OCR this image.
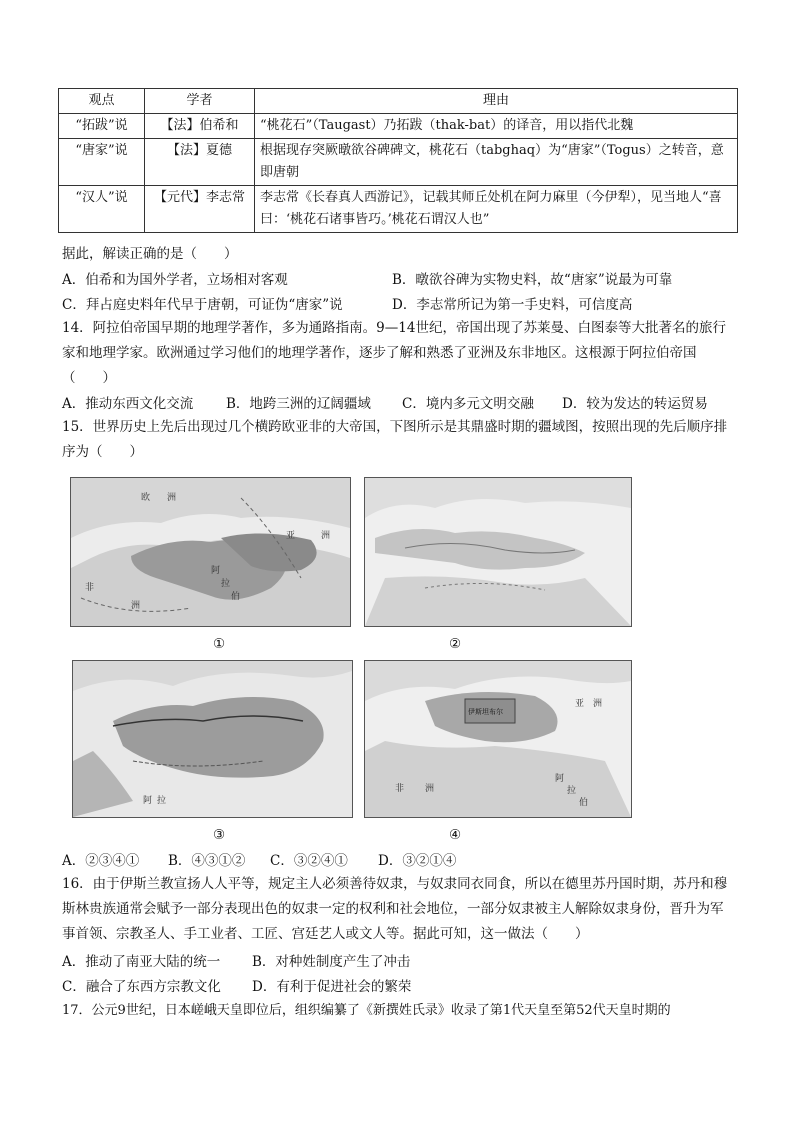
观点	学者	理由
“拓跋”说	【法】伯希和	“桃花石”（Taugast）乃拓跋（thak-bat）的译音，用以指代北魏
“唐家”说	【法】夏德	根据现存突厥暾欲谷碑碑文，桃花石（tabghaq）为“唐家”（Togus）之转音，意即唐朝
“汉人”说	【元代】李志常	李志常《长春真人西游记》，记载其师丘处机在阿力麻里（今伊犁），见当地人“喜曰：‘桃花石诸事皆巧。’桃花石谓汉人也”
据此，解读正确的是（　　）
A．伯希和为国外学者，立场相对客观	B．暾欲谷碑为实物史料，故“唐家”说最为可靠
C．拜占庭史料年代早于唐朝，可证伪“唐家”说	D．李志常所记为第一手史料，可信度高
14．阿拉伯帝国早期的地理学著作，多为通路指南。9—14世纪，帝国出现了苏莱曼、白图泰等大批著名的旅行家和地理学家。欧洲通过学习他们的地理学著作，逐步了解和熟悉了亚洲及东非地区。这根源于阿拉伯帝国（　　）
A．推动东西文化交流 B．地跨三洲的辽阔疆域 C．境内多元文明交融 D．较为发达的转运贸易
15．世界历史上先后出现过几个横跨欧亚非的大帝国，下图所示是其鼎盛时期的疆域图，按照出现的先后顺序排序为（　　）
欧 洲
亚	洲
非
洲
阿
拉
伯
①	②
阿 拉
③
伊斯坦布尔
亚 洲
非 洲
阿
拉
伯
④
A．②③④① B．④③①② C．③②④① D．③②①④
16．由于伊斯兰教宣扬人人平等，规定主人必须善待奴隶，与奴隶同衣同食，所以在德里苏丹国时期，苏丹和穆斯林贵族通常会赋予一部分表现出色的奴隶一定的权利和社会地位，一部分奴隶被主人解除奴隶身份，晋升为军事首领、宗教圣人、手工业者、工匠、宫廷艺人或文人等。据此可知，这一做法（　　）
A．推动了南亚大陆的统一 B．对种姓制度产生了冲击
C．融合了东西方宗教文化 D．有利于促进社会的繁荣
17．公元9世纪，日本嵯峨天皇即位后，组织编纂了《新撰姓氏录》收录了第1代天皇至第52代天皇时期的
